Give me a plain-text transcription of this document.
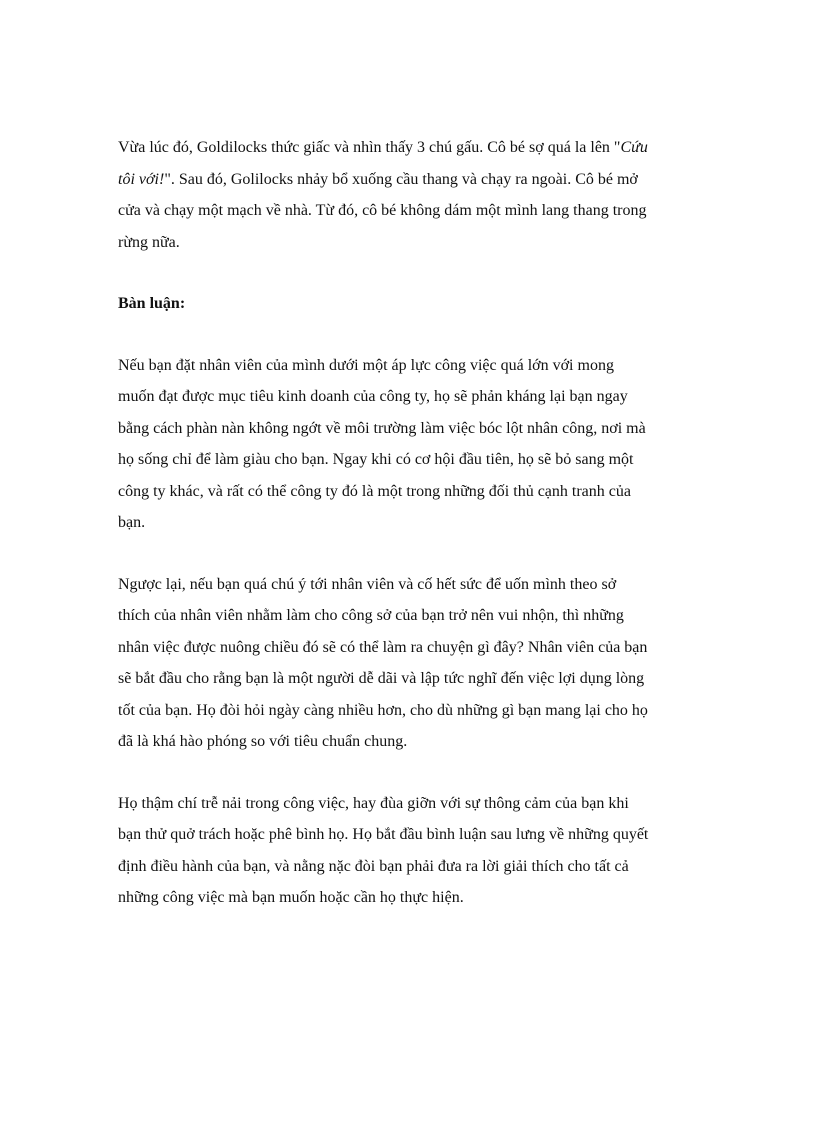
Vừa lúc đó, Goldilocks thức giấc và nhìn thấy 3 chú gấu. Cô bé sợ quá la lên "Cứu
tôi với!". Sau đó, Golilocks nhảy bổ xuống cầu thang và chạy ra ngoài. Cô bé mở
cửa và chạy một mạch về nhà. Từ đó, cô bé không dám một mình lang thang trong
rừng nữa.

Bàn luận:

Nếu bạn đặt nhân viên của mình dưới một áp lực công việc quá lớn với mong
muốn đạt được mục tiêu kinh doanh của công ty, họ sẽ phản kháng lại bạn ngay
bằng cách phàn nàn không ngớt về môi trường làm việc bóc lột nhân công, nơi mà
họ sống chỉ để làm giàu cho bạn. Ngay khi có cơ hội đầu tiên, họ sẽ bỏ sang một
công ty khác, và rất có thể công ty đó là một trong những đối thủ cạnh tranh của
bạn.

Ngược lại, nếu bạn quá chú ý tới nhân viên và cố hết sức để uốn mình theo sở
thích của nhân viên nhằm làm cho công sở của bạn trở nên vui nhộn, thì những
nhân việc được nuông chiều đó sẽ có thể làm ra chuyện gì đây? Nhân viên của bạn
sẽ bắt đầu cho rằng bạn là một người dễ dãi và lập tức nghĩ đến việc lợi dụng lòng
tốt của bạn. Họ đòi hỏi ngày càng nhiều hơn, cho dù những gì bạn mang lại cho họ
đã là khá hào phóng so với tiêu chuẩn chung.

Họ thậm chí trễ nải trong công việc, hay đùa giỡn với sự thông cảm của bạn khi
bạn thử quở trách hoặc phê bình họ. Họ bắt đầu bình luận sau lưng về những quyết
định điều hành của bạn, và nằng nặc đòi bạn phải đưa ra lời giải thích cho tất cả
những công việc mà bạn muốn hoặc cần họ thực hiện.
